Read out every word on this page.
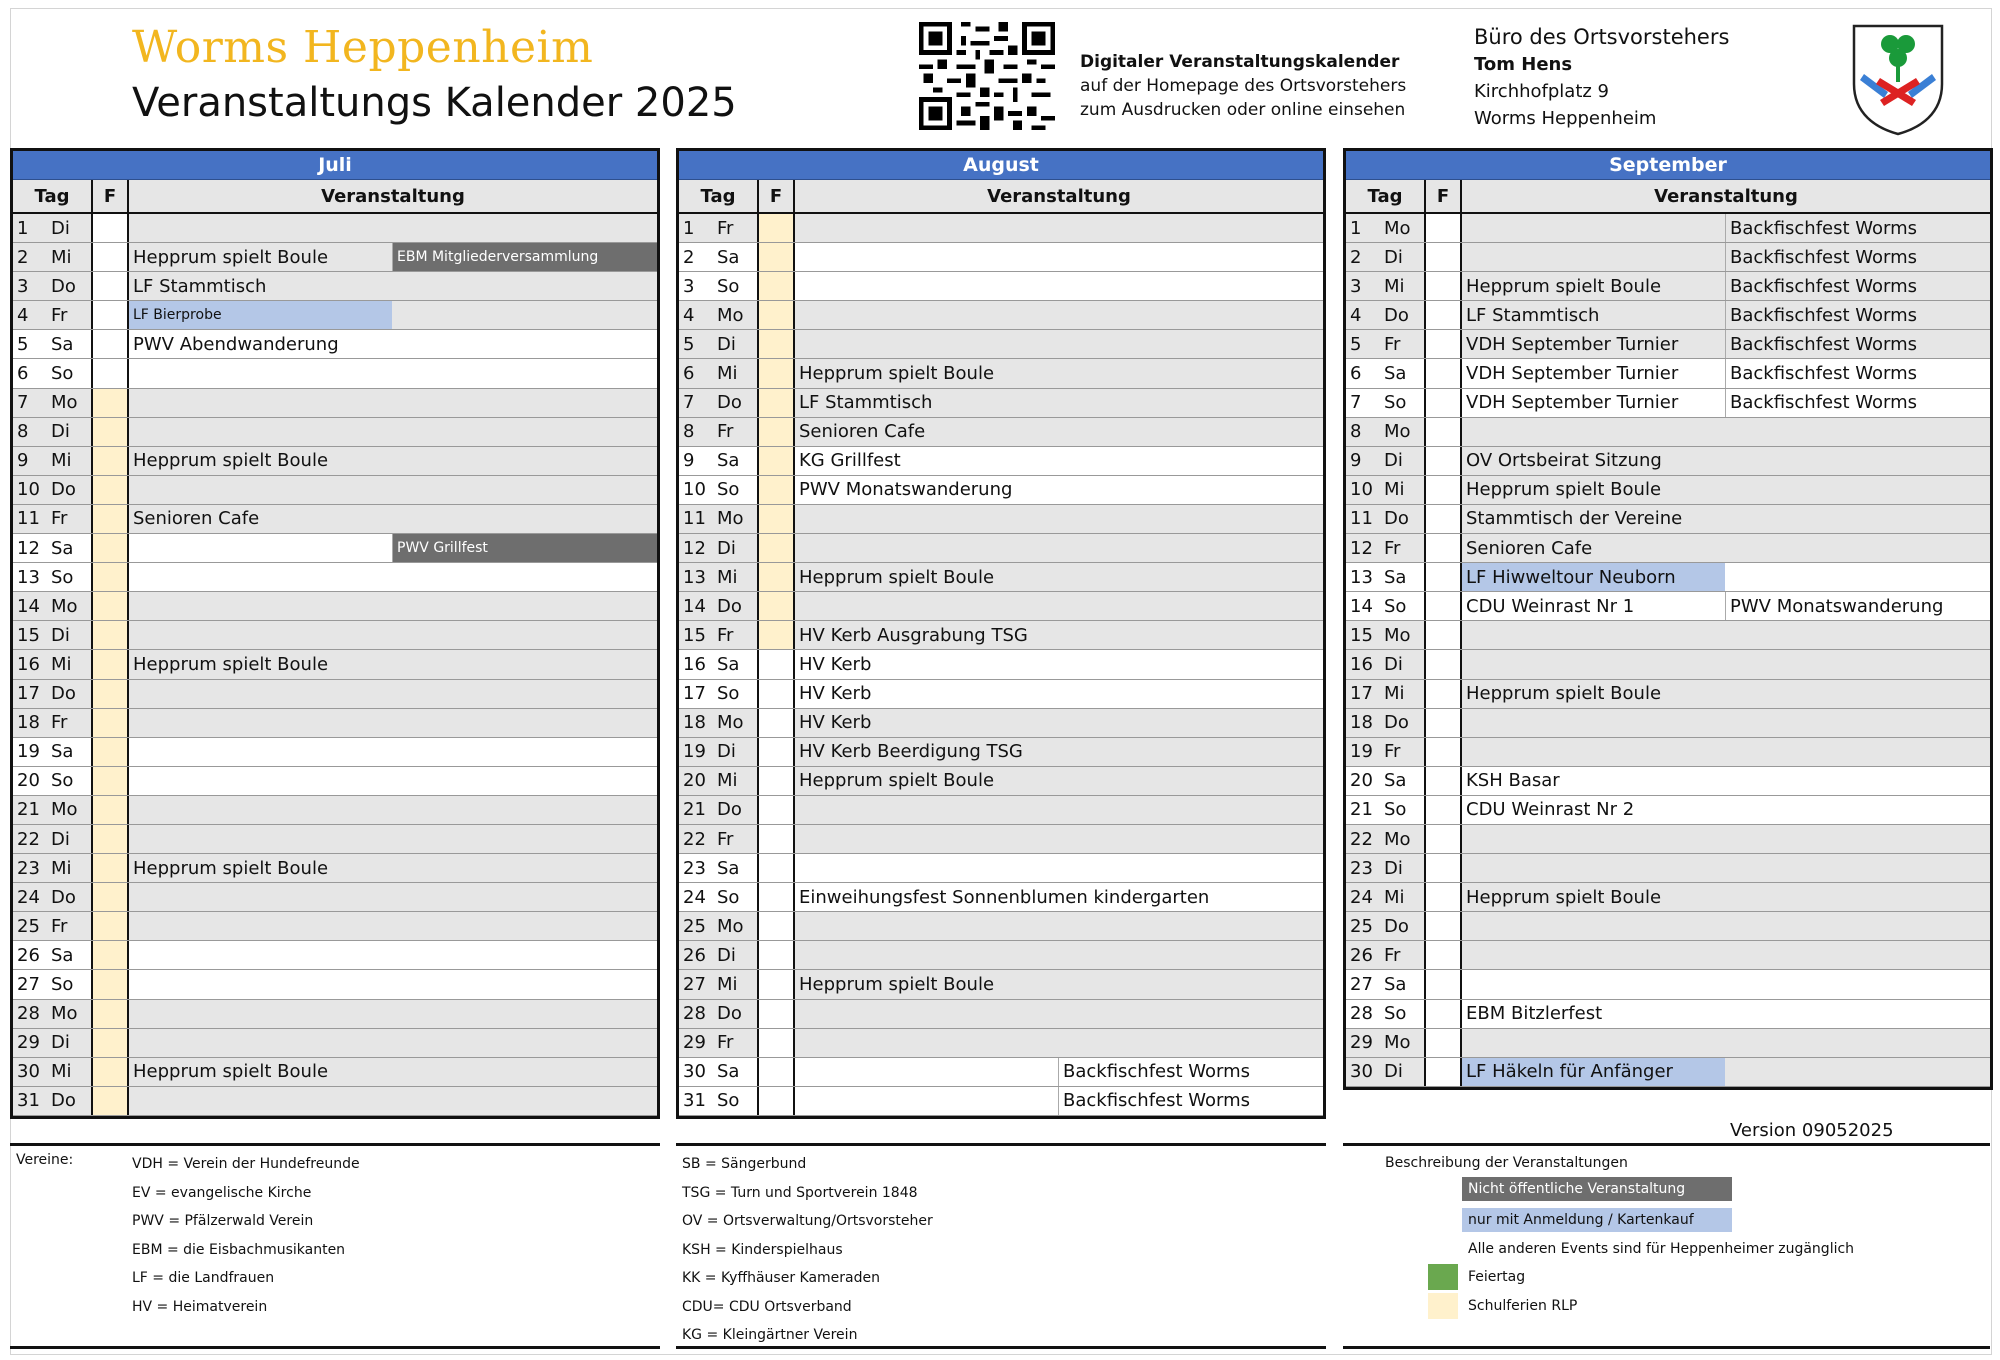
Worms Heppenheim
Veranstaltungs Kalender 2025
Digitaler Veranstaltungskalender
auf der Homepage des Ortsvorstehers
zum Ausdrucken oder online einsehen
Büro des Ortsvorstehers
Tom Hens
Kirchhofplatz 9
Worms Heppenheim
Juli
Tag	F	Veranstaltung
1	Di
2	Mi	Hepprum spielt Boule	EBM Mitgliederversammlung
3	Do	LF Stammtisch
4	Fr	LF Bierprobe
5	Sa	PWV Abendwanderung
6	So
7	Mo
8	Di
9	Mi	Hepprum spielt Boule
10 Do
11 Fr	Senioren Cafe
12 Sa	PWV Grillfest
13 So
14 Mo
15 Di
16 Mi	Hepprum spielt Boule
17 Do
18 Fr
19 Sa
20 So
21 Mo
22 Di
23 Mi	Hepprum spielt Boule
24 Do
25 Fr
26 Sa
27 So
28 Mo
29 Di
30 Mi	Hepprum spielt Boule
31 Do
August
Tag	F	Veranstaltung
1	Fr
2	Sa
3	So
4	Mo
5	Di
6	Mi	Hepprum spielt Boule
7	Do	LF Stammtisch
8	Fr	Senioren Cafe
9	Sa	KG Grillfest
10 So	PWV Monatswanderung
11 Mo
12 Di
13 Mi	Hepprum spielt Boule
14 Do
15 Fr	HV Kerb Ausgrabung TSG
16 Sa	HV Kerb
17 So	HV Kerb
18 Mo	HV Kerb
19 Di	HV Kerb Beerdigung TSG
20 Mi	Hepprum spielt Boule
21 Do
22 Fr
23 Sa
24 So	Einweihungsfest Sonnenblumen kindergarten
25 Mo
26 Di
27 Mi	Hepprum spielt Boule
28 Do
29 Fr
30 Sa	Backfischfest Worms
31 So	Backfischfest Worms
September
Tag	F	Veranstaltung
1	Mo	Backfischfest Worms
2	Di	Backfischfest Worms
3	Mi	Hepprum spielt Boule	Backfischfest Worms
4	Do	LF Stammtisch	Backfischfest Worms
5	Fr	VDH September Turnier	Backfischfest Worms
6	Sa	VDH September Turnier	Backfischfest Worms
7	So	VDH September Turnier	Backfischfest Worms
8	Mo
9	Di	OV Ortsbeirat Sitzung
10 Mi	Hepprum spielt Boule
11 Do	Stammtisch der Vereine
12 Fr	Senioren Cafe
13 Sa	LF Hiwweltour Neuborn
14 So	CDU Weinrast Nr 1	PWV Monatswanderung
15 Mo
16 Di
17 Mi	Hepprum spielt Boule
18 Do
19 Fr
20 Sa	KSH Basar
21 So	CDU Weinrast Nr 2
22 Mo
23 Di
24 Mi	Hepprum spielt Boule
25 Do
26 Fr
27 Sa
28 So	EBM Bitzlerfest
29 Mo
30 Di	LF Häkeln für Anfänger
Version 09052025
Vereine:	VDH = Verein der Hundefreunde
EV = evangelische Kirche
PWV = Pfälzerwald Verein
EBM = die Eisbachmusikanten
LF = die Landfrauen
HV = Heimatverein
SB = Sängerbund
TSG = Turn und Sportverein 1848
OV = Ortsverwaltung/Ortsvorsteher
KSH = Kinderspielhaus
KK = Kyffhäuser Kameraden
CDU= CDU Ortsverband
KG = Kleingärtner Verein
Beschreibung der Veranstaltungen
Nicht öffentliche Veranstaltung
nur mit Anmeldung / Kartenkauf
Alle anderen Events sind für Heppenheimer zugänglich
Feiertag
Schulferien RLP
